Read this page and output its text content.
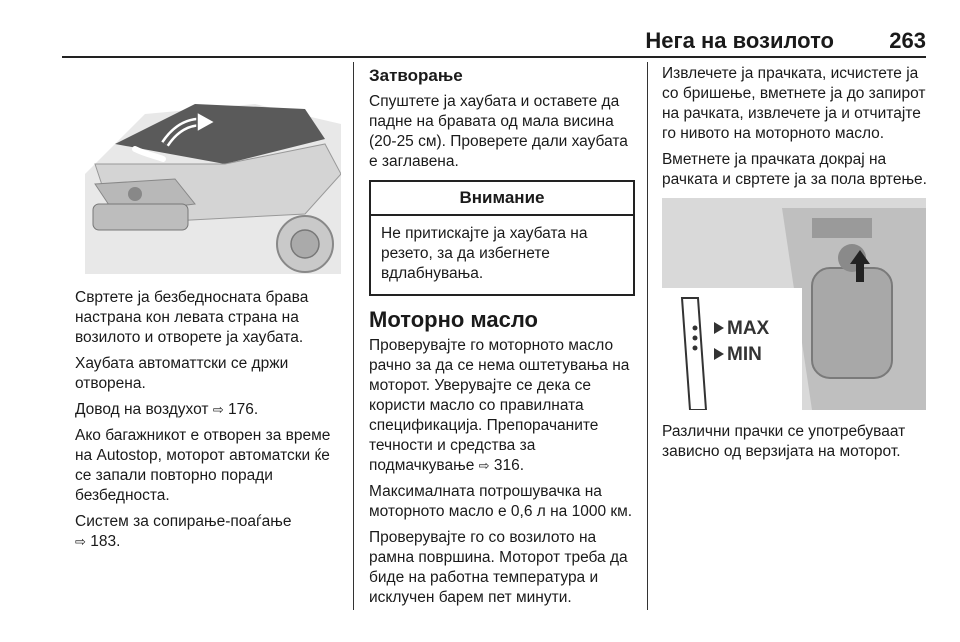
Нега на возилото	263

Свртете ја безбедносната брава настрана кон левата страна на возилото и отворете ја хаубата.

Хаубата автоматтски се држи отворена.

Довод на воздухот ⇨ 176.

Ако багажникот е отворен за време на Autostop, моторот автоматски ќе се запали повторно поради безбедноста.

Систем за сопирање-поаѓање
⇨ 183.

Затворање

Спуштете ја хаубата и оставете да падне на бравата од мала висина (20-25 см). Проверете дали хаубата е заглавена.

Внимание
Не притискајте ја хаубата на резето, за да избегнете вдлабнувања.
Моторно масло

Проверувајте го моторното масло рачно за да се нема оштетувања на моторот. Уверувајте се дека се користи масло со правилната спецификација. Препорачаните течности и средства за подмачкување ⇨ 316.

Максималната потрошувачка на моторното масло е 0,6 л на 1000 км.

Проверувајте го со возилото на рамна површина. Моторот треба да биде на работна температура и исклучен барем пет минути.

Извлечете ја прачката, исчистете ја со бришење, вметнете ја до запирот на рачката, извлечете ја и отчитајте го нивото на моторното масло.

Вметнете ја прачката докрај на рачката и свртете ја за пола вртење.

MAX
MIN

Различни прачки се употребуваат зависно од верзијата на моторот.
